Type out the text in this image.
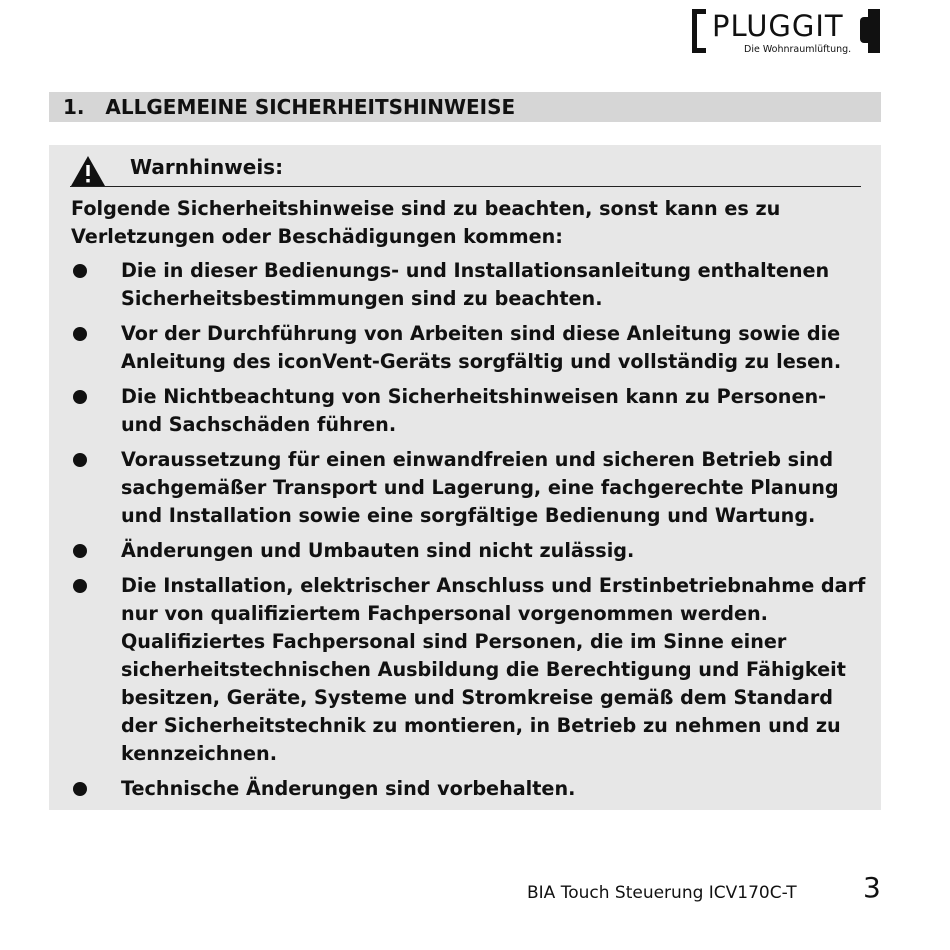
PLUGGIT
Die Wohnraumlüftung.
1.   ALLGEMEINE SICHERHEITSHINWEISE
Warnhinweis:

Folgende Sicherheitshinweise sind zu beachten, sonst kann es zu Verletzungen oder Beschädigungen kommen:

Die in dieser Bedienungs- und Installationsanleitung enthaltenen Sicherheitsbestimmungen sind zu beachten.
Vor der Durchführung von Arbeiten sind diese Anleitung sowie die Anleitung des iconVent-Geräts sorgfältig und vollständig zu lesen.
Die Nichtbeachtung von Sicherheitshinweisen kann zu Personen- und Sachschäden führen.
Voraussetzung für einen einwandfreien und sicheren Betrieb sind sachgemäßer Transport und Lagerung, eine fachgerechte Planung und Installation sowie eine sorgfältige Bedienung und Wartung.
Änderungen und Umbauten sind nicht zulässig.
Die Installation, elektrischer Anschluss und Erstinbetriebnahme darf nur von qualifiziertem Fachpersonal vorgenommen werden. Qualifiziertes Fachpersonal sind Personen, die im Sinne einer sicherheitstechnischen Ausbildung die Berechtigung und Fähigkeit besitzen, Geräte, Systeme und Stromkreise gemäß dem Standard der Sicherheitstechnik zu montieren, in Betrieb zu nehmen und zu kennzeichnen.
Technische Änderungen sind vorbehalten.
BIA Touch Steuerung ICV170C-T 3
